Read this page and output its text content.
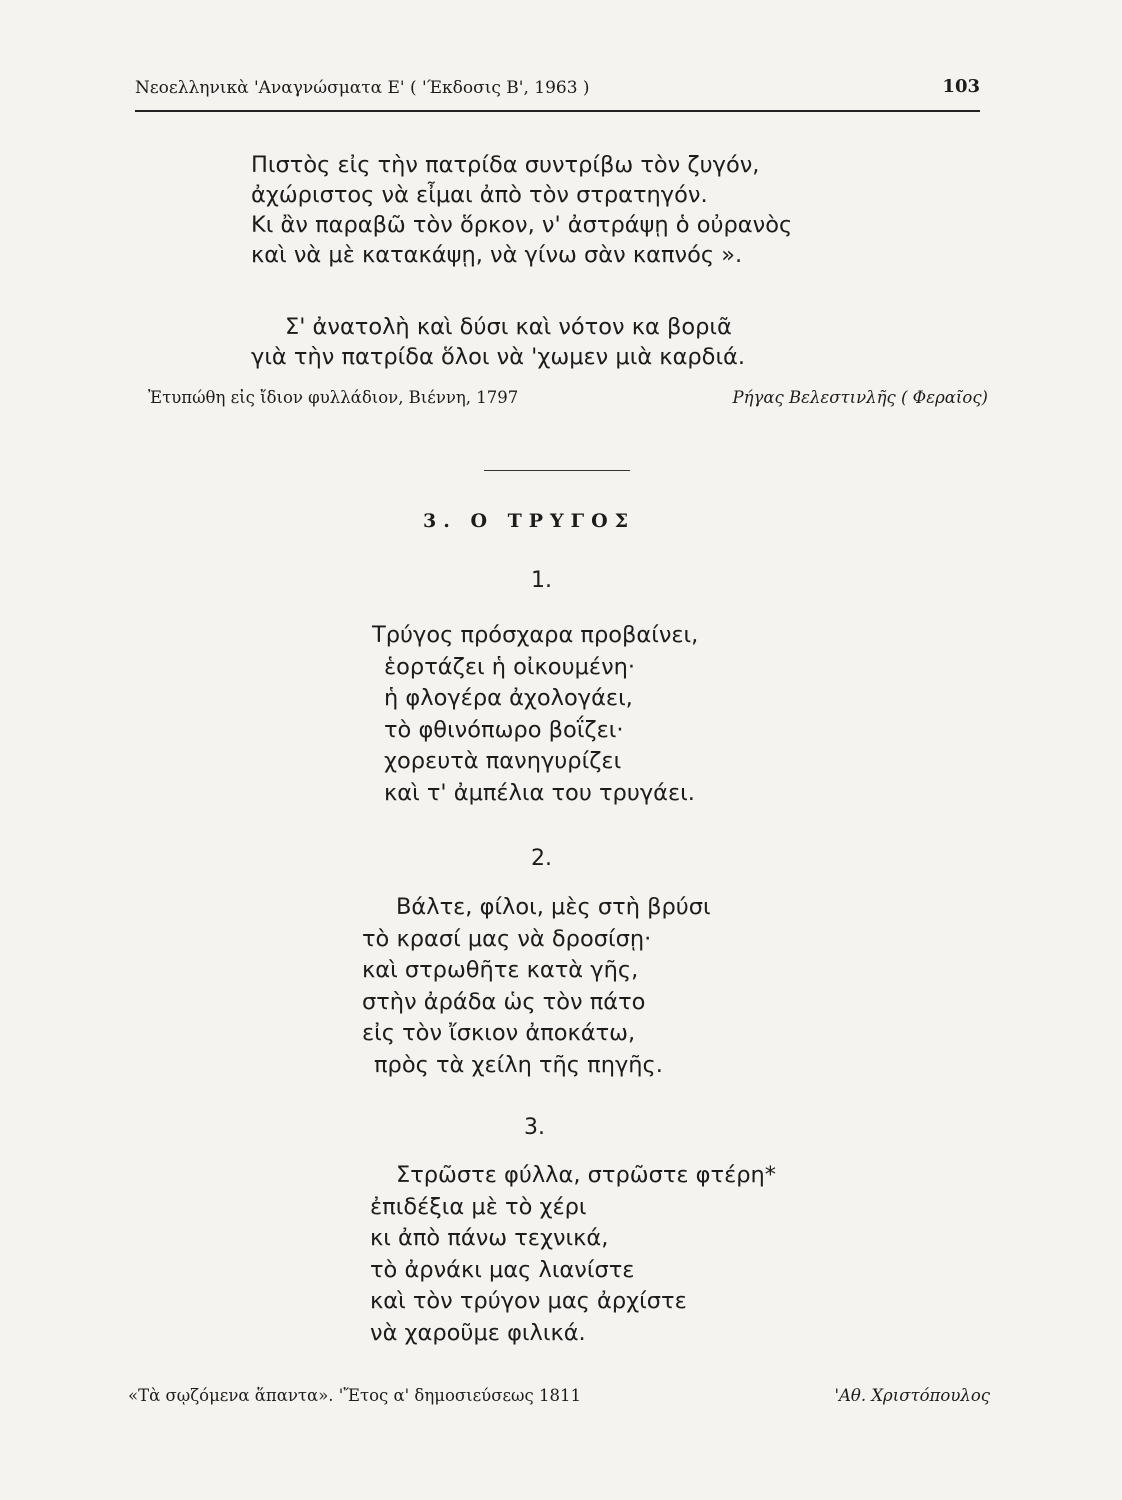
Νεοελληνικὰ 'Αναγνώσματα Ε' ( 'Έκδοσις Β', 1963 )	103
Πιστὸς εἰς τὴν πατρίδα συντρίβω τὸν ζυγόν,
ἀχώριστος νὰ εἶμαι ἀπὸ τὸν στρατηγόν.
Κι ἂν παραβῶ τὸν ὅρκον, ν' ἀστράψῃ ὁ οὐρανὸς
καὶ νὰ μὲ κατακάψῃ, νὰ γίνω σὰν καπνός ».
Σ' ἀνατολὴ καὶ δύσι καὶ νότον κα βοριᾶ
γιὰ τὴν πατρίδα ὅλοι νὰ 'χωμεν μιὰ καρδιά.
Ἐτυπώθη εἰς ἴδιον φυλλάδιον, Βιέννη, 1797	Ρήγας Βελεστινλῆς ( Φεραῖος)
3. Ο ΤΡΥΓΟΣ
1.
Τρύγος πρόσχαρα προβαίνει,
ἑορτάζει ἡ οἰκουμένη·
ἡ φλογέρα ἀχολογάει,
τὸ φθινόπωρο βοΐζει·
χορευτὰ πανηγυρίζει
καὶ τ' ἀμπέλια του τρυγάει.
2.
Βάλτε, φίλοι, μὲς στὴ βρύσι
τὸ κρασί μας νὰ δροσίσῃ·
καὶ στρωθῆτε κατὰ γῆς,
στὴν ἀράδα ὡς τὸν πάτο
εἰς τὸν ἴσκιον ἀποκάτω,
πρὸς τὰ χείλη τῆς πηγῆς.
3.
Στρῶστε φύλλα, στρῶστε φτέρη*
ἐπιδέξια μὲ τὸ χέρι
κι ἀπὸ πάνω τεχνικά,
τὸ ἀρνάκι μας λιανίστε
καὶ τὸν τρύγον μας ἀρχίστε
νὰ χαροῦμε φιλικά.
«Τὰ σῳζόμενα ἅπαντα». 'Ἔτος α' δημοσιεύσεως 1811	'Αθ. Χριστόπουλος
